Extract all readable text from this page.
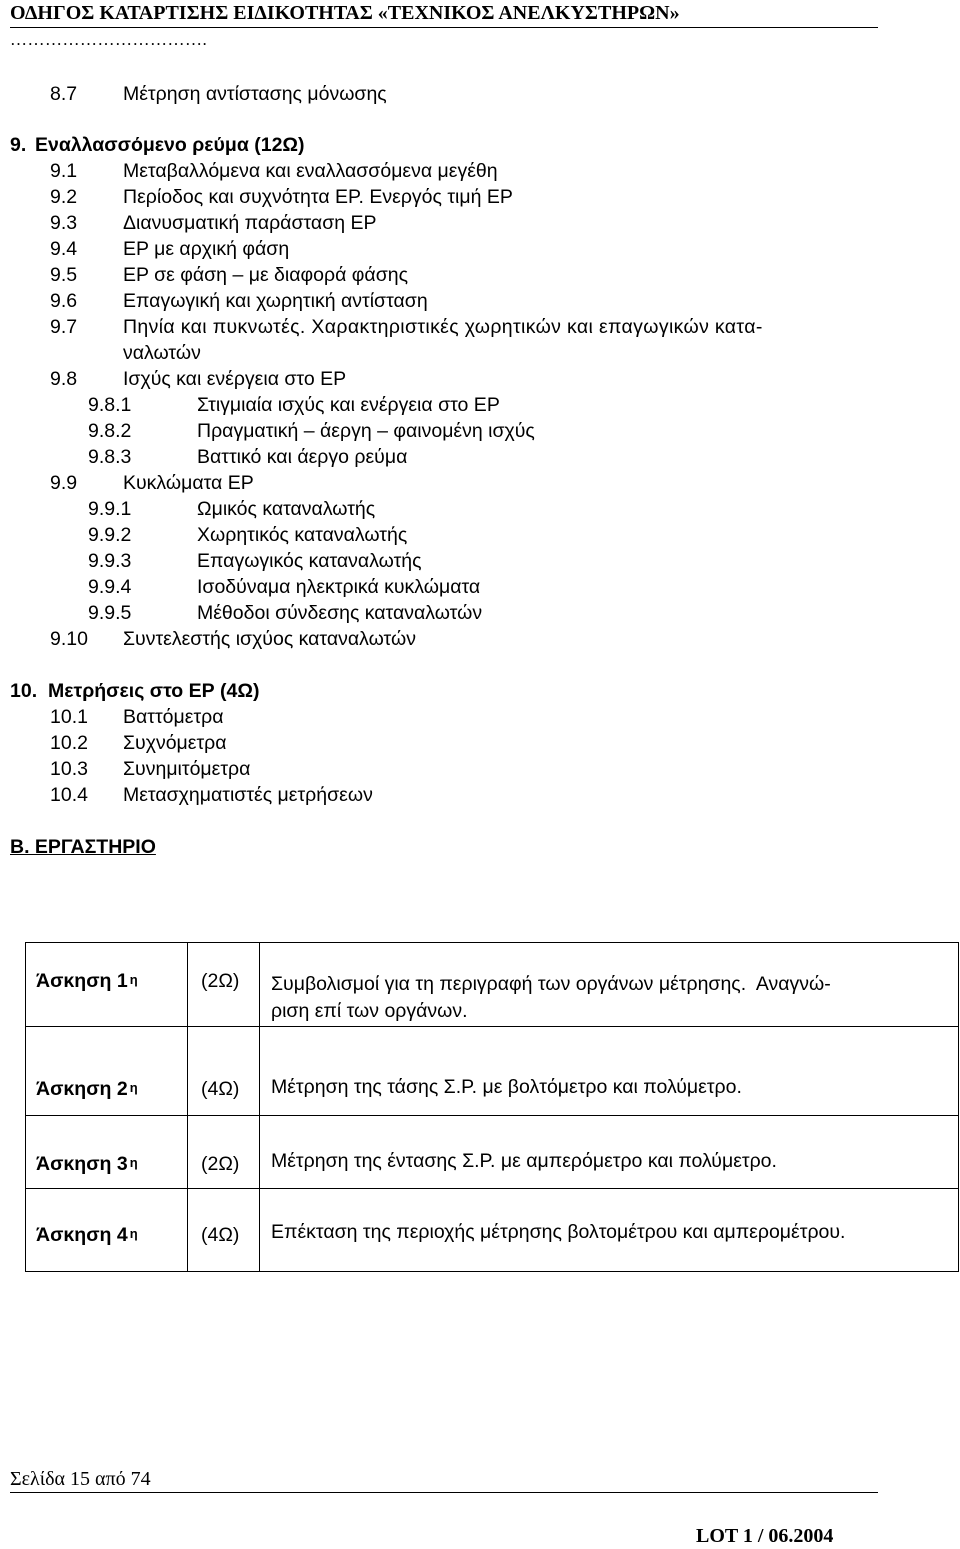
ΟΔΗΓΟΣ ΚΑΤΑΡΤΙΣΗΣ ΕΙΔΙΚΟΤΗΤΑΣ «ΤΕΧΝΙΚΟΣ ΑΝΕΛΚΥΣΤΗΡΩΝ»
…………………………….
8.7 Μέτρηση αντίστασης μόνωσης
9. Εναλλασσόμενο ρεύμα (12Ω)
9.1 Μεταβαλλόμενα και εναλλασσόμενα μεγέθη
9.2 Περίοδος και συχνότητα ΕΡ. Ενεργός τιμή ΕΡ
9.3 Διανυσματική παράσταση ΕΡ
9.4 ΕΡ με αρχική φάση
9.5 ΕΡ σε φάση – με διαφορά φάσης
9.6 Επαγωγική και χωρητική αντίσταση
9.7 Πηνία και πυκνωτές. Χαρακτηριστικές χωρητικών και επαγωγικών κατα-
ναλωτών
9.8 Ισχύς και ενέργεια στο ΕΡ
9.8.1	Στιγμιαία ισχύς και ενέργεια στο ΕΡ
9.8.2	Πραγματική – άεργη – φαινομένη ισχύς
9.8.3	Βαττικό και άεργο ρεύμα
9.9 Κυκλώματα ΕΡ
9.9.1	Ωμικός καταναλωτής
9.9.2	Χωρητικός καταναλωτής
9.9.3	Επαγωγικός καταναλωτής
9.9.4	Ισοδύναμα ηλεκτρικά κυκλώματα
9.9.5	Μέθοδοι σύνδεσης καταναλωτών
9.10 Συντελεστής ισχύος καταναλωτών
10. Μετρήσεις στο ΕΡ (4Ω)
10.1 Βαττόμετρα
10.2 Συχνόμετρα
10.3 Συνημιτόμετρα
10.4 Μετασχηματιστές μετρήσεων
Β. ΕΡΓΑΣΤΗΡΙΟ
Άσκηση 1 $^\eta$	(2Ω) Συμβολισμοί για τη περιγραφή των οργάνων μέτρησης.  Αναγνώ-
ριση επί των οργάνων.
Άσκηση 2 $^\eta$	(4Ω) Μέτρηση της τάσης Σ.Ρ. με βολτόμετρο και πολύμετρο.
Άσκηση 3 $^\eta$	(2Ω) Μέτρηση της έντασης Σ.Ρ. με αμπερόμετρο και πολύμετρο.
Άσκηση 4 $^\eta$	(4Ω) Επέκταση της περιοχής μέτρησης βολτομέτρου και αμπερομέτρου.
Σελίδα 15 από 74
LOT 1 / 06.2004
